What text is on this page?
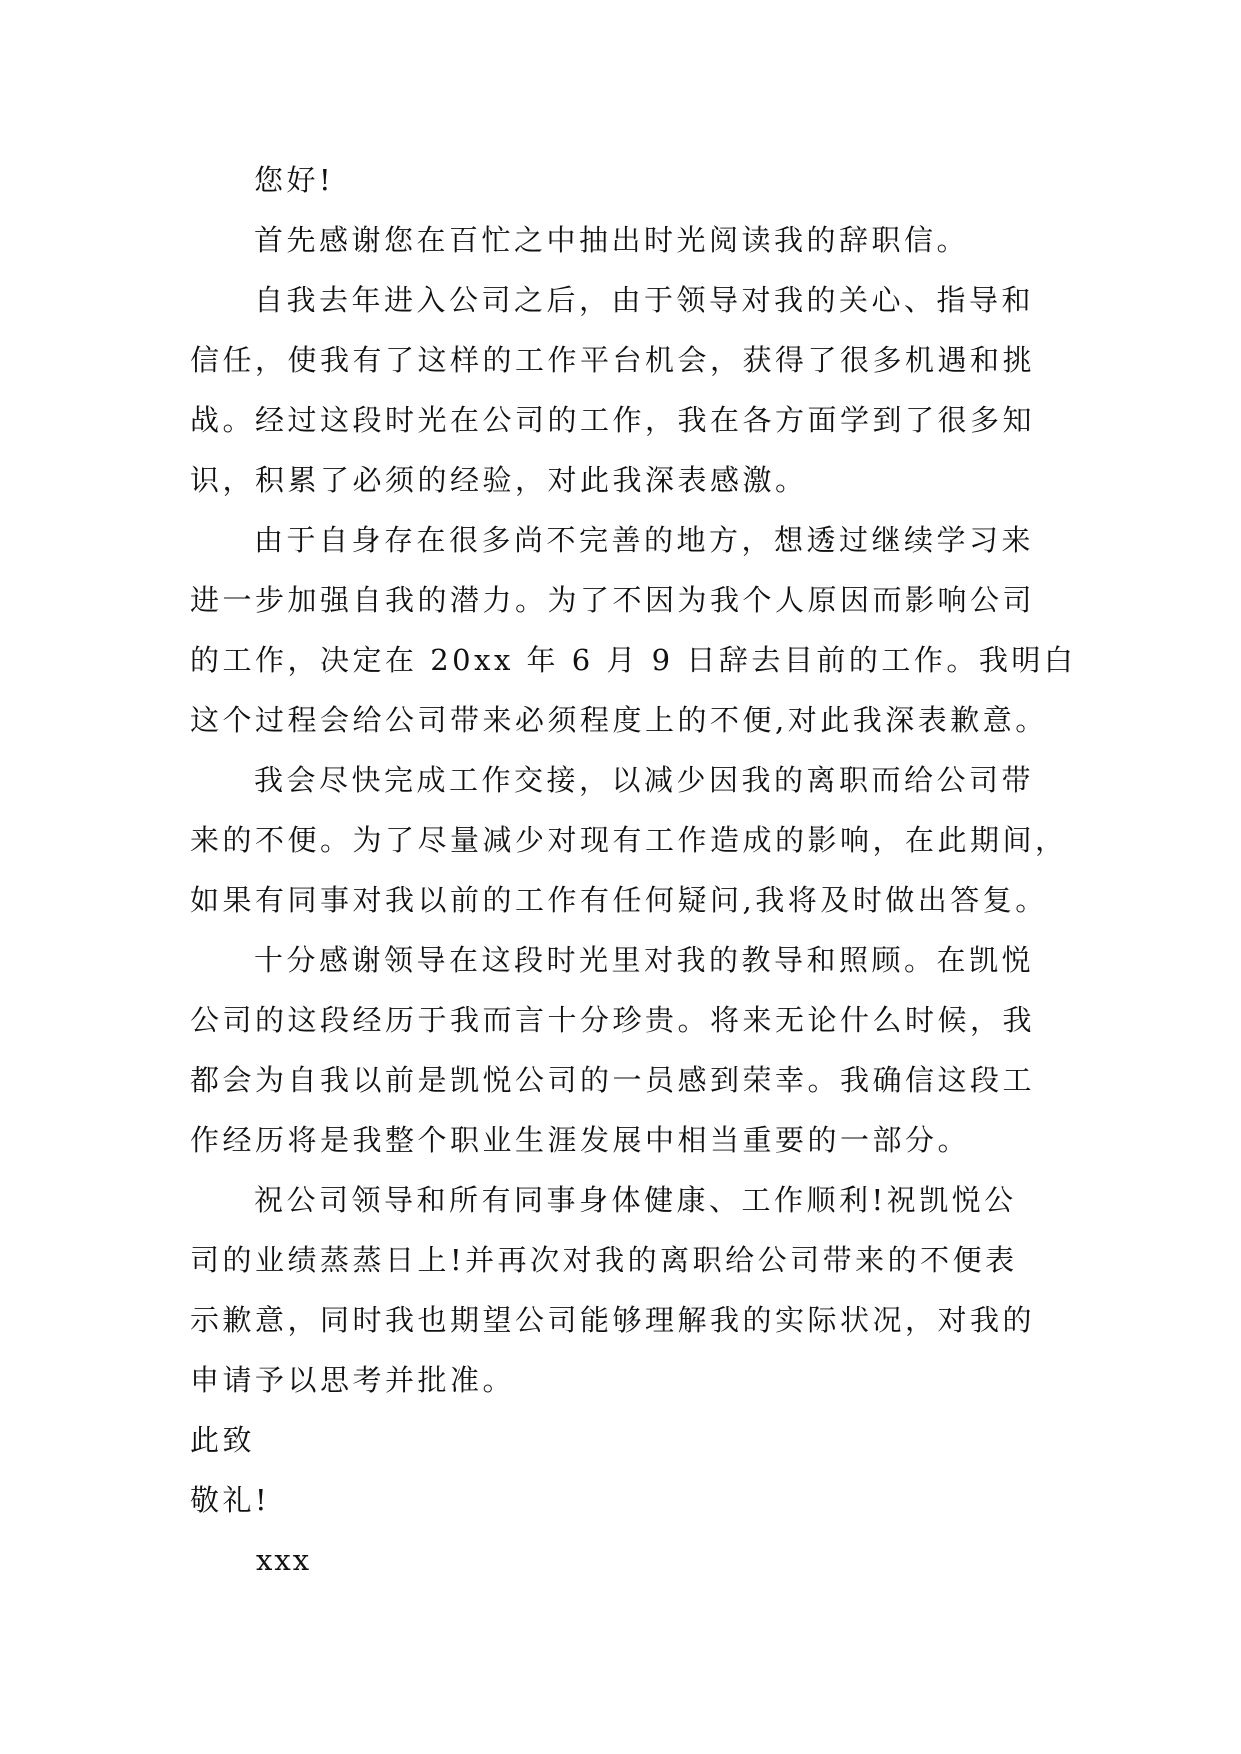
您好!
首先感谢您在百忙之中抽出时光阅读我的辞职信。
自我去年进入公司之后，由于领导对我的关心、指导和
信任，使我有了这样的工作平台机会，获得了很多机遇和挑
战。经过这段时光在公司的工作，我在各方面学到了很多知
识，积累了必须的经验，对此我深表感激。
由于自身存在很多尚不完善的地方，想透过继续学习来
进一步加强自我的潜力。为了不因为我个人原因而影响公司
的工作，决定在 20xx 年 6 月 9 日辞去目前的工作。我明白
这个过程会给公司带来必须程度上的不便,对此我深表歉意。
我会尽快完成工作交接，以减少因我的离职而给公司带
来的不便。为了尽量减少对现有工作造成的影响，在此期间，
如果有同事对我以前的工作有任何疑问,我将及时做出答复。
十分感谢领导在这段时光里对我的教导和照顾。在凯悦
公司的这段经历于我而言十分珍贵。将来无论什么时候，我
都会为自我以前是凯悦公司的一员感到荣幸。我确信这段工
作经历将是我整个职业生涯发展中相当重要的一部分。
祝公司领导和所有同事身体健康、工作顺利!祝凯悦公
司的业绩蒸蒸日上!并再次对我的离职给公司带来的不便表
示歉意，同时我也期望公司能够理解我的实际状况，对我的
申请予以思考并批准。
此致
敬礼!
xxx
